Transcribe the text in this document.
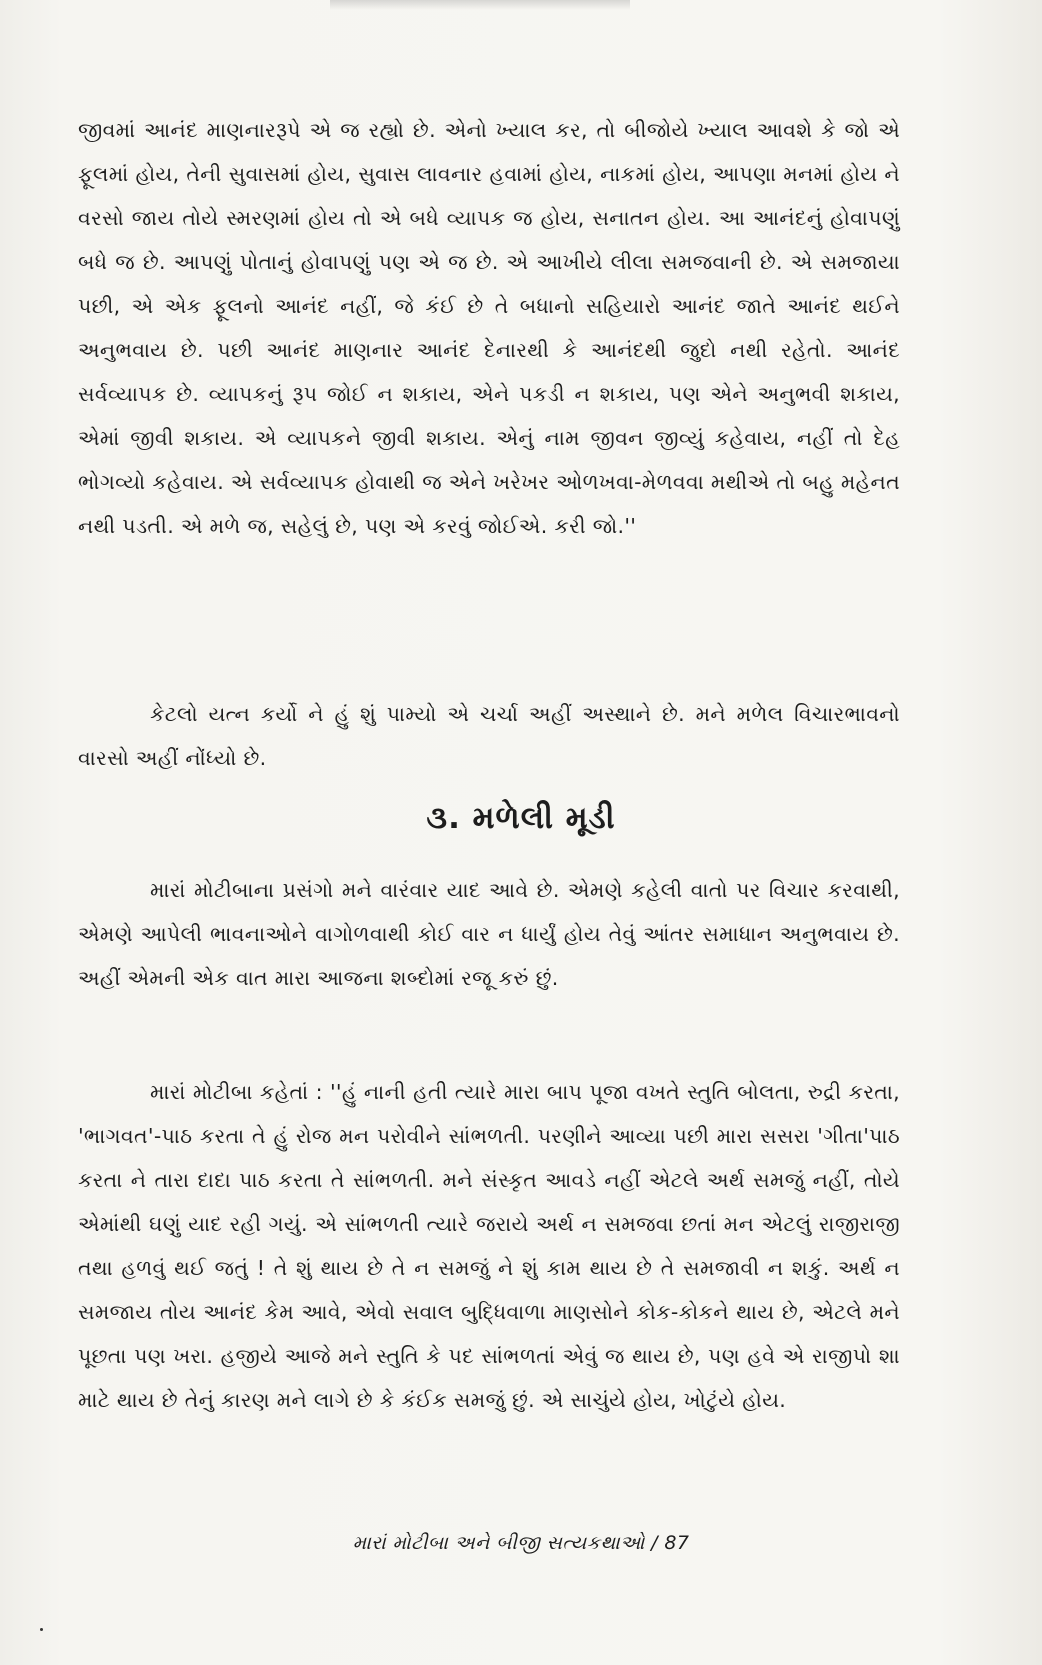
જીવમાં આનંદ માણનારરૂપે એ જ રહ્યો છે. એનો ખ્યાલ કર, તો બીજોયે ખ્યાલ આવશે કે જો એ ફૂલમાં હોય, તેની સુવાસમાં હોય, સુવાસ લાવનાર હવામાં હોય, નાકમાં હોય, આપણા મનમાં હોય ને વરસો જાય તોયે સ્મરણમાં હોય તો એ બધે વ્યાપક જ હોય, સનાતન હોય. આ આનંદનું હોવાપણું બધે જ છે. આપણું પોતાનું હોવાપણું પણ એ જ છે. એ આખીયે લીલા સમજવાની છે. એ સમજાયા પછી, એ એક ફૂલનો આનંદ નહીં, જે કંઈ છે તે બધાનો સહિયારો આનંદ જાતે આનંદ થઈને અનુભવાય છે. પછી આનંદ માણનાર આનંદ દેનારથી કે આનંદથી જુદો નથી રહેતો. આનંદ સર્વવ્યાપક છે. વ્યાપકનું રૂપ જોઈ ન શકાય, એને પકડી ન શકાય, પણ એને અનુભવી શકાય, એમાં જીવી શકાય. એ વ્યાપકને જીવી શકાય. એનું નામ જીવન જીવ્યું કહેવાય, નહીં તો દેહ ભોગવ્યો કહેવાય. એ સર્વવ્યાપક હોવાથી જ એને ખરેખર ઓળખવા-મેળવવા મથીએ તો બહુ મહેનત નથી પડતી. એ મળે જ, સહેલું છે, પણ એ કરવું જોઈએ. કરી જો.''

કેટલો યત્ન કર્યો ને હું શું પામ્યો એ ચર્ચા અહીં અસ્થાને છે. મને મળેલ વિચારભાવનો વારસો અહીં નોંધ્યો છે.

૩. મળેલી મૂડી

મારાં મોટીબાના પ્રસંગો મને વારંવાર યાદ આવે છે. એમણે કહેલી વાતો પર વિચાર કરવાથી, એમણે આપેલી ભાવનાઓને વાગોળવાથી કોઈ વાર ન ધાર્યું હોય તેવું આંતર સમાધાન અનુભવાય છે. અહીં એમની એક વાત મારા આજના શબ્દોમાં રજૂ કરું છું.

મારાં મોટીબા કહેતાં : ''હું નાની હતી ત્યારે મારા બાપ પૂજા વખતે સ્તુતિ બોલતા, રુદ્રી કરતા, 'ભાગવત'-પાઠ કરતા તે હું રોજ મન પરોવીને સાંભળતી. પરણીને આવ્યા પછી મારા સસરા 'ગીતા'પાઠ કરતા ને તારા દાદા પાઠ કરતા તે સાંભળતી. મને સંસ્કૃત આવડે નહીં એટલે અર્થ સમજું નહીં, તોયે એમાંથી ઘણું યાદ રહી ગયું. એ સાંભળતી ત્યારે જરાયે અર્થ ન સમજવા છતાં મન એટલું રાજીરાજી તથા હળવું થઈ જતું ! તે શું થાય છે તે ન સમજું ને શું કામ થાય છે તે સમજાવી ન શકું. અર્થ ન સમજાય તોય આનંદ કેમ આવે, એવો સવાલ બુદ્ધિવાળા માણસોને કોક-કોકને થાય છે, એટલે મને પૂછતા પણ ખરા. હજીયે આજે મને સ્તુતિ કે પદ સાંભળતાં એવું જ થાય છે, પણ હવે એ રાજીપો શા માટે થાય છે તેનું કારણ મને લાગે છે કે કંઈક સમજું છું. એ સાચુંયે હોય, ખોટુંયે હોય.

મારાં મોટીબા અને બીજી સત્યકથાઓ / 87
